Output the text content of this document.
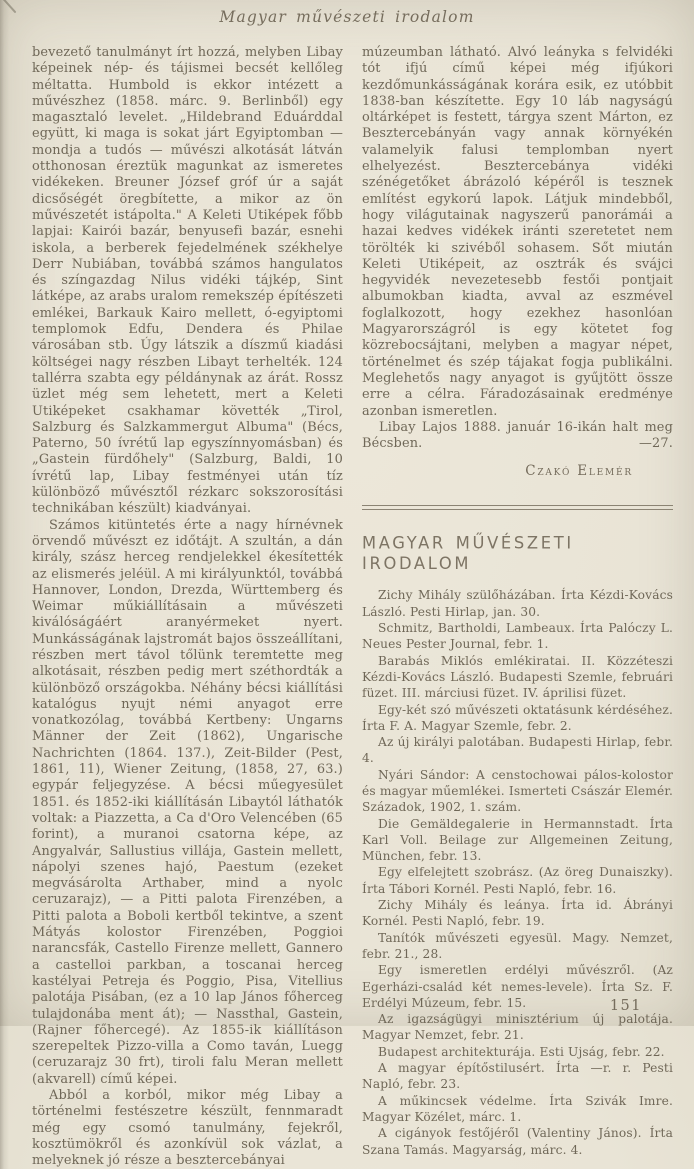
Magyar művészeti irodalom

bevezető tanulmányt írt hozzá, melyben Libay képeinek nép- és tájismei becsét kellőleg méltatta. Humbold is ekkor intézett a művészhez (1858. márc. 9. Berlinből) egy magasztaló levelet. „Hildebrand Eduárddal együtt, ki maga is sokat járt Egyiptomban — mondja a tudós — művészi alkotását látván otthonosan éreztük magunkat az ismeretes vidékeken. Breuner József gróf úr a saját dicsőségét öregbítette, a mikor az ön művészetét istápolta." A Keleti Utiképek főbb lapjai: Kairói bazár, benyusefi bazár, esnehi iskola, a berberek fejedelmének székhelye Derr Nubiában, továbbá számos hangulatos és színgazdag Nilus vidéki tájkép, Sint látképe, az arabs uralom remekszép építészeti emlékei, Barkauk Kairo mellett, ó-egyiptomi templomok Edfu, Dendera és Philae városában stb. Úgy látszik a díszmű kiadási költségei nagy részben Libayt terhelték. 124 tallérra szabta egy példánynak az árát. Rossz üzlet még sem lehetett, mert a Keleti Utiképeket csakhamar követték „Tirol, Salzburg és Salzkammergut Albuma" (Bécs, Paterno, 50 ívrétű lap egyszínnyomásban) és „Gastein fürdőhely" (Salzburg, Baldi, 10 ívrétű lap, Libay festményei után tíz különböző művésztől rézkarc sokszorosítási technikában készült) kiadványai.

Számos kitüntetés érte a nagy hírnévnek örvendő művészt ez időtájt. A szultán, a dán király, szász herceg rendjelekkel ékesítették az elismerés jeléül. A mi királyunktól, továbbá Hannover, London, Drezda, Württemberg és Weimar műkiállításain a művészeti kiválóságáért aranyérmeket nyert. Munkásságának lajstromát bajos összeállítani, részben mert távol tőlünk teremtette meg alkotásait, részben pedig mert széthordták a különböző országokba. Néhány bécsi kiállítási katalógus nyujt némi anyagot erre vonatkozólag, továbbá Kertbeny: Ungarns Männer der Zeit (1862), Ungarische Nachrichten (1864. 137.), Zeit-Bilder (Pest, 1861, 11), Wiener Zeitung, (1858, 27, 63.) egypár feljegyzése. A bécsi műegyesület 1851. és 1852-iki kiállításán Libaytól láthatók voltak: a Piazzetta, a Ca d'Oro Velencében (65 forint), a muranoi csatorna képe, az Angyalvár, Sallustius villája, Gastein mellett, nápolyi szenes hajó, Paestum (ezeket megvásárolta Arthaber, mind a nyolc ceruzarajz), — a Pitti palota Firenzében, a Pitti palota a Boboli kertből tekintve, a szent Mátyás kolostor Firenzében, Poggioi narancsfák, Castello Firenze mellett, Gannero a castelloi parkban, a toscanai herceg kastélyai Petreja és Poggio, Pisa, Vitellius palotája Pisában, (ez a 10 lap János főherceg tulajdonába ment át); — Nassthal, Gastein, (Rajner főhercegé). Az 1855-ik kiállításon szerepeltek Pizzo-villa a Como taván, Luegg (ceruzarajz 30 frt), tiroli falu Meran mellett (akvarell) című képei.

Abból a korból, mikor még Libay a történelmi festészetre készült, fennmaradt még egy csomó tanulmány, fejekről, kosztümökről és azonkívül sok vázlat, a melyeknek jó része a besztercebányai

múzeumban látható. Alvó leányka s felvidéki tót ifjú című képei még ifjúkori kezdőmunkásságának korára esik, ez utóbbit 1838-ban készítette. Egy 10 láb nagyságú oltárképet is festett, tárgya szent Márton, ez Besztercebányán vagy annak környékén valamelyik falusi templomban nyert elhelyezést. Besztercebánya vidéki szénégetőket ábrázoló képéről is tesznek említést egykorú lapok. Látjuk mindebből, hogy világutainak nagyszerű panorámái a hazai kedves vidékek iránti szeretetet nem törölték ki szivéből sohasem. Sőt miután Keleti Utiképeit, az osztrák és svájci hegyvidék nevezetesebb festői pontjait albumokban kiadta, avval az eszmével foglalkozott, hogy ezekhez hasonlóan Magyarországról is egy kötetet fog közrebocsájtani, melyben a magyar népet, történelmet és szép tájakat fogja publikálni. Meglehetős nagy anyagot is gyűjtött össze erre a célra. Fáradozásainak eredménye azonban ismeretlen.

Libay Lajos 1888. január 16-ikán halt meg Bécsben.	—27.

Czakó Elemér
MAGYAR MŰVÉSZETI IRODALOM

Zichy Mihály szülőházában. Írta Kézdi-Kovács László. Pesti Hirlap, jan. 30.

Schmitz, Bartholdi, Lambeaux. Írta Palóczy L. Neues Pester Journal, febr. 1.

Barabás Miklós emlékiratai. II. Közzéteszi Kézdi-Kovács László. Budapesti Szemle, februári füzet. III. márciusi füzet. IV. áprilisi füzet.

Egy-két szó művészeti oktatásunk kérdéséhez. Írta F. A. Magyar Szemle, febr. 2.

Az új királyi palotában. Budapesti Hirlap, febr. 4.

Nyári Sándor: A censtochowai pálos-kolostor és magyar műemlékei. Ismerteti Császár Elemér. Századok, 1902, 1. szám.

Die Gemäldegalerie in Hermannstadt. Írta Karl Voll. Beilage zur Allgemeinen Zeitung, München, febr. 13.

Egy elfelejtett szobrász. (Az öreg Dunaiszky). Írta Tábori Kornél. Pesti Napló, febr. 16.

Zichy Mihály és leánya. Írta id. Ábrányi Kornél. Pesti Napló, febr. 19.

Tanítók művészeti egyesül. Magy. Nemzet, febr. 21., 28.

Egy ismeretlen erdélyi művészről. (Az Egerházi-család két nemes-levele). Írta Sz. F. Erdélyi Múzeum, febr. 15.

Az igazságügyi minisztérium új palotája. Magyar Nemzet, febr. 21.

Budapest architekturája. Esti Ujság, febr. 22.

A magyar építőstilusért. Írta —r. r. Pesti Napló, febr. 23.

A műkincsek védelme. Írta Szivák Imre. Magyar Közélet, márc. 1.

A cigányok festőjéről (Valentiny János). Írta Szana Tamás. Magyarság, márc. 4.

151
